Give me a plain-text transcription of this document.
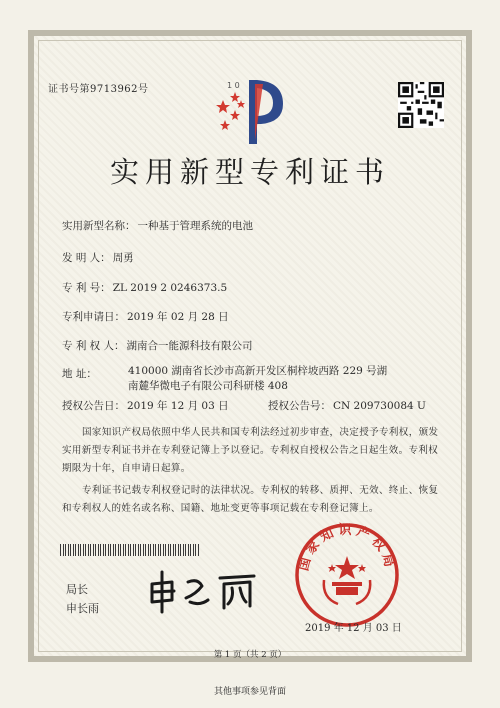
证书号第9713962号	1 0
实用新型专利证书
实用新型名称： 一种基于管理系统的电池
发 明 人： 周勇
专 利 号： ZL 2019 2 0246373.5
专利申请日： 2019 年 02 月 28 日
专 利 权 人： 湖南合一能源科技有限公司
地 址：	410000 湖南省长沙市高新开发区桐梓坡西路 229 号湖南麓华微电子有限公司科研楼 408
授权公告日： 2019 年 12 月 03 日	授权公告号： CN 209730084 U
国家知识产权局依照中华人民共和国专利法经过初步审查，决定授予专利权，颁发实用新型专利证书并在专利登记簿上予以登记。专利权自授权公告之日起生效。专利权期限为十年，自申请日起算。
专利证书记载专利权登记时的法律状况。专利权的转移、质押、无效、终止、恢复和专利权人的姓名或名称、国籍、地址变更等事项记载在专利登记簿上。
局长
申长雨
国家知识产权局
2019 年 12 月 03 日
第 1 页（共 2 页）
其他事项参见背面
